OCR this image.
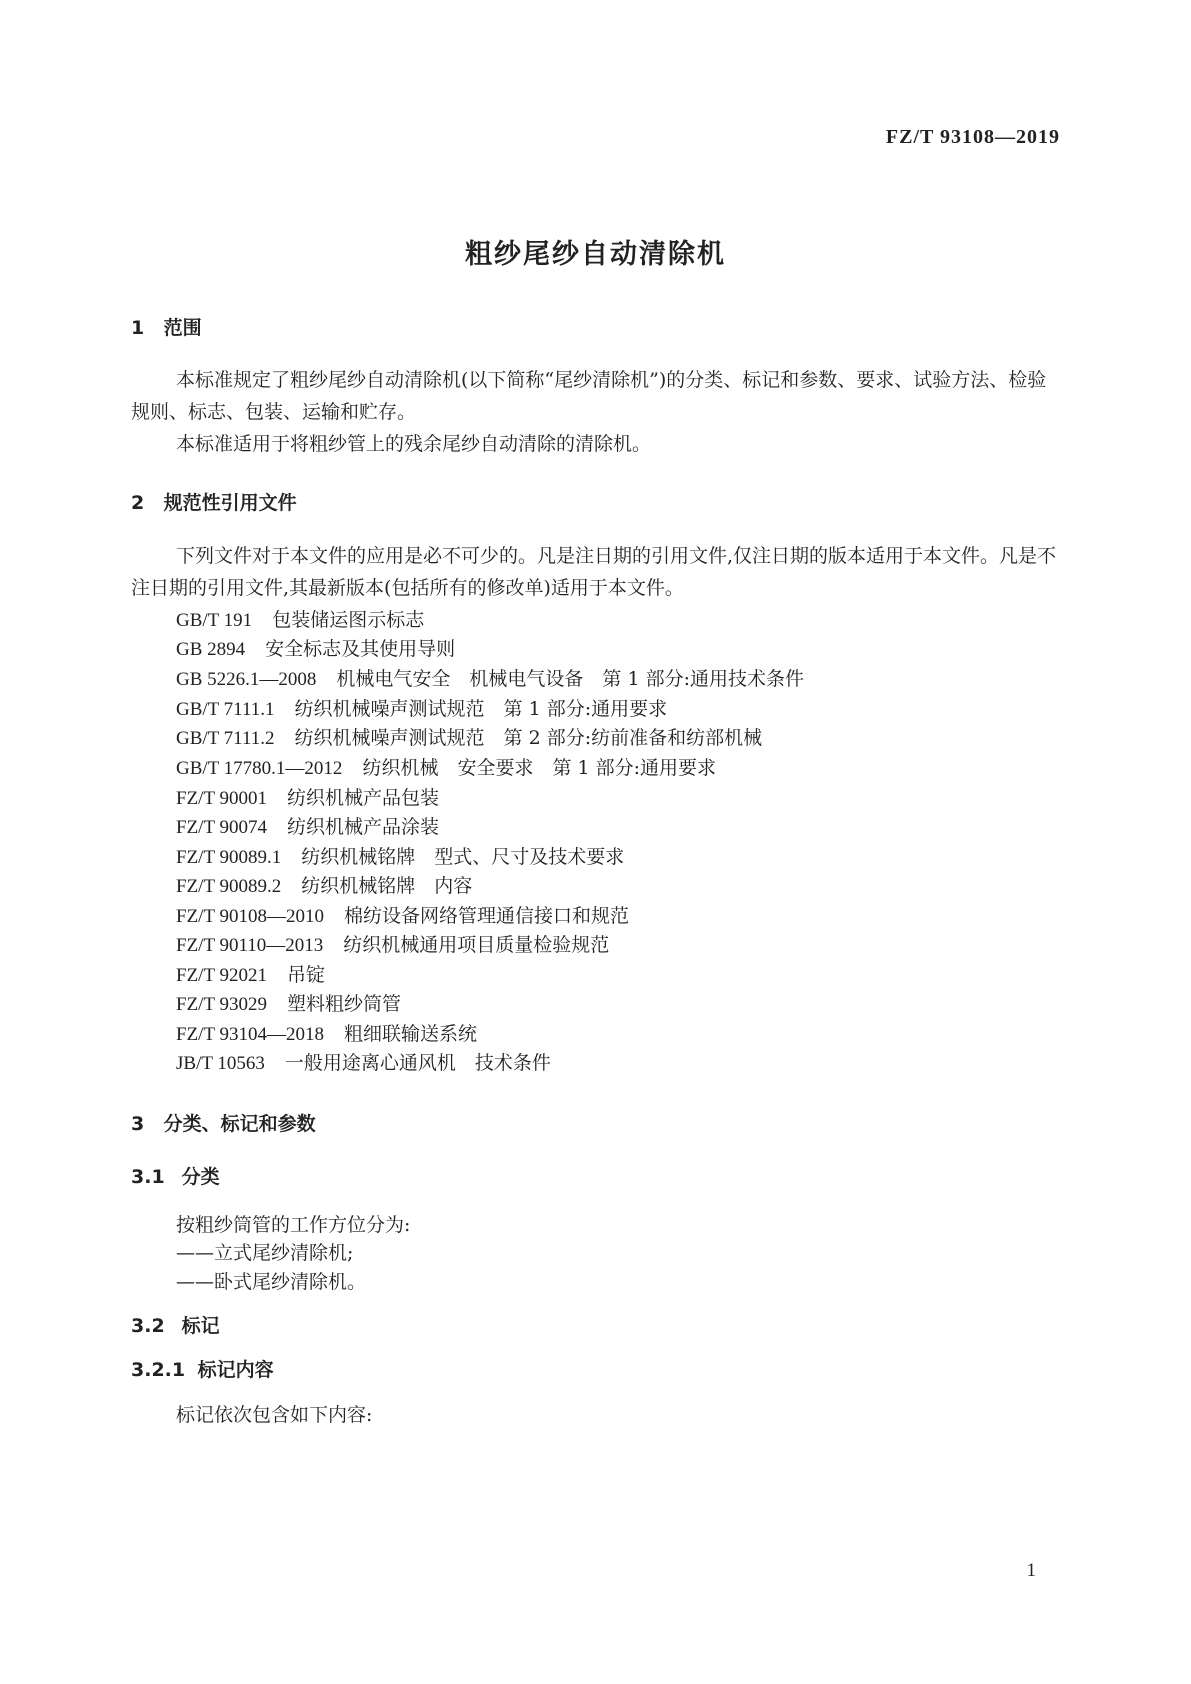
FZ/T 93108—2019
粗纱尾纱自动清除机
1 范围
本标准规定了粗纱尾纱自动清除机(以下简称“尾纱清除机”)的分类、标记和参数、要求、试验方法、检验规则、标志、包装、运输和贮存。
本标准适用于将粗纱管上的残余尾纱自动清除的清除机。
2 规范性引用文件
下列文件对于本文件的应用是必不可少的。凡是注日期的引用文件,仅注日期的版本适用于本文件。凡是不注日期的引用文件,其最新版本(包括所有的修改单)适用于本文件。
GB/T 191 包装储运图示标志
GB 2894 安全标志及其使用导则
GB 5226.1—2008 机械电气安全　机械电气设备　第 1 部分:通用技术条件
GB/T 7111.1 纺织机械噪声测试规范　第 1 部分:通用要求
GB/T 7111.2 纺织机械噪声测试规范　第 2 部分:纺前准备和纺部机械
GB/T 17780.1—2012 纺织机械　安全要求　第 1 部分:通用要求
FZ/T 90001 纺织机械产品包装
FZ/T 90074 纺织机械产品涂装
FZ/T 90089.1 纺织机械铭牌　型式、尺寸及技术要求
FZ/T 90089.2 纺织机械铭牌　内容
FZ/T 90108—2010 棉纺设备网络管理通信接口和规范
FZ/T 90110—2013 纺织机械通用项目质量检验规范
FZ/T 92021 吊锭
FZ/T 93029 塑料粗纱筒管
FZ/T 93104—2018 粗细联输送系统
JB/T 10563 一般用途离心通风机　技术条件
3 分类、标记和参数
3.1 分类
按粗纱筒管的工作方位分为:
——立式尾纱清除机;
——卧式尾纱清除机。
3.2 标记
3.2.1 标记内容
标记依次包含如下内容:
1
